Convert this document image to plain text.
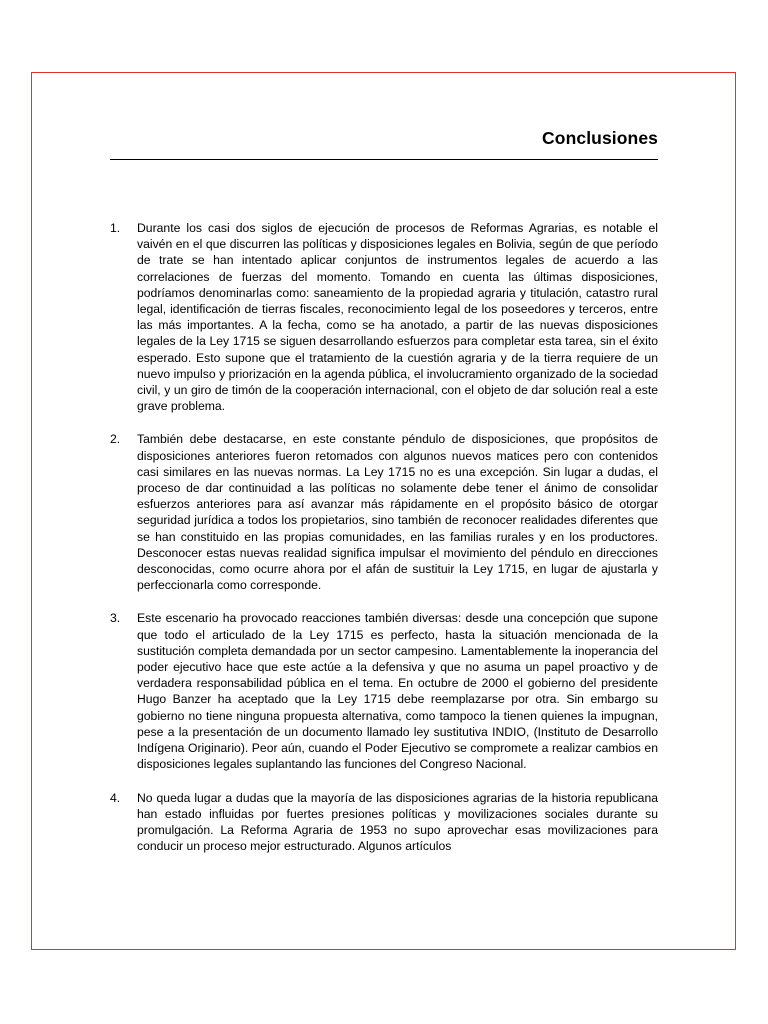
Conclusiones
1. Durante los casi dos siglos de ejecución de procesos de Reformas Agrarias, es notable el vaivén en el que discurren las políticas y disposiciones legales en Bolivia, según de que período de trate se han intentado aplicar conjuntos de instrumentos legales de acuerdo a las correlaciones de fuerzas del momento. Tomando en cuenta las últimas disposiciones, podríamos denominarlas como: saneamiento de la propiedad agraria y titulación, catastro rural legal, identificación de tierras fiscales, reconocimiento legal de los poseedores y terceros, entre las más importantes. A la fecha, como se ha anotado, a partir de las nuevas disposiciones legales de la Ley 1715 se siguen desarrollando esfuerzos para completar esta tarea, sin el éxito esperado. Esto supone que el tratamiento de la cuestión agraria y de la tierra requiere de un nuevo impulso y priorización en la agenda pública, el involucramiento organizado de la sociedad civil, y un giro de timón de la cooperación internacional, con el objeto de dar solución real a este grave problema.
2. También debe destacarse, en este constante péndulo de disposiciones, que propósitos de disposiciones anteriores fueron retomados con algunos nuevos matices pero con contenidos casi similares en las nuevas normas. La Ley 1715 no es una excepción. Sin lugar a dudas, el proceso de dar continuidad a las políticas no solamente debe tener el ánimo de consolidar esfuerzos anteriores para así avanzar más rápidamente en el propósito básico de otorgar seguridad jurídica a todos los propietarios, sino también de reconocer realidades diferentes que se han constituido en las propias comunidades, en las familias rurales y en los productores. Desconocer estas nuevas realidad significa impulsar el movimiento del péndulo en direcciones desconocidas, como ocurre ahora por el afán de sustituir la Ley 1715, en lugar de ajustarla y perfeccionarla como corresponde.
3. Este escenario ha provocado reacciones también diversas: desde una concepción que supone que todo el articulado de la Ley 1715 es perfecto, hasta la situación mencionada de la sustitución completa demandada por un sector campesino. Lamentablemente la inoperancia del poder ejecutivo hace que este actúe a la defensiva y que no asuma un papel proactivo y de verdadera responsabilidad pública en el tema. En octubre de 2000 el gobierno del presidente Hugo Banzer ha aceptado que la Ley 1715 debe reemplazarse por otra. Sin embargo su gobierno no tiene ninguna propuesta alternativa, como tampoco la tienen quienes la impugnan, pese a la presentación de un documento llamado ley sustitutiva INDIO, (Instituto de Desarrollo Indígena Originario). Peor aún, cuando el Poder Ejecutivo se compromete a realizar cambios en disposiciones legales suplantando las funciones del Congreso Nacional.
4. No queda lugar a dudas que la mayoría de las disposiciones agrarias de la historia republicana han estado influidas por fuertes presiones políticas y movilizaciones sociales durante su promulgación. La Reforma Agraria de 1953 no supo aprovechar esas movilizaciones para conducir un proceso mejor estructurado. Algunos artículos
